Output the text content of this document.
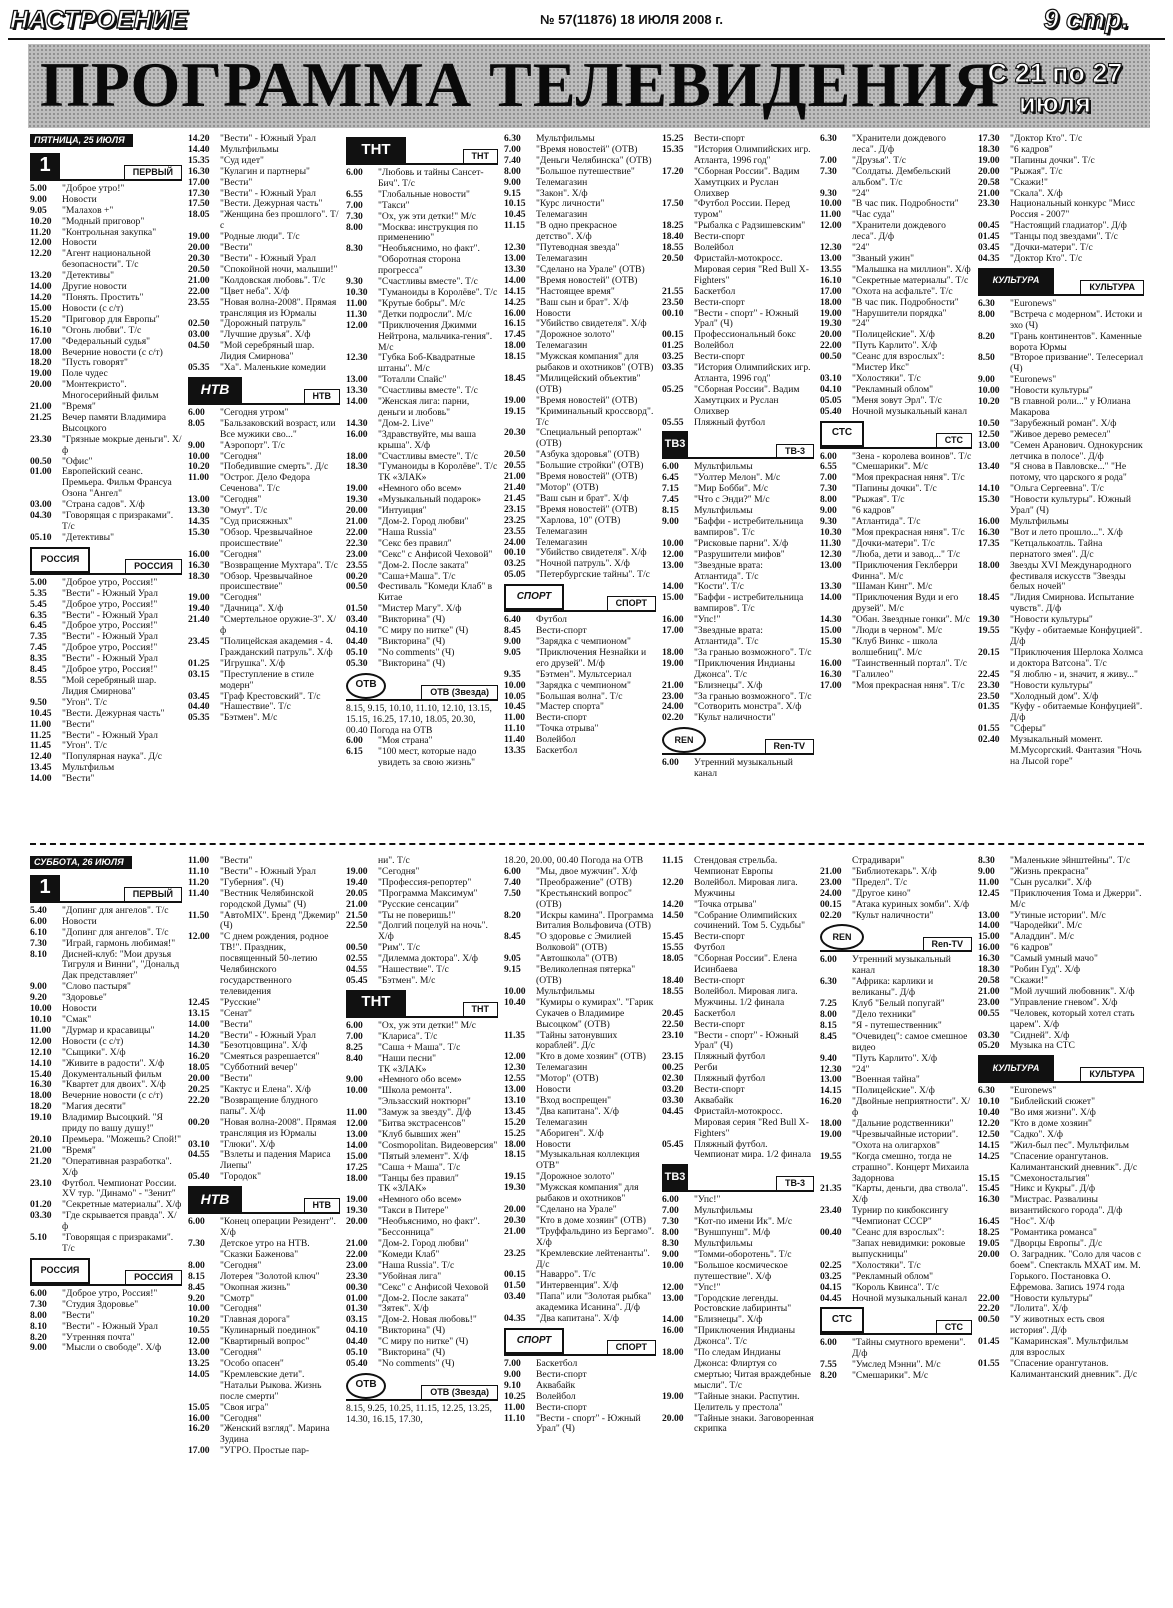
НАСТРОЕНИЕ	№ 57(11876) 18 ИЮЛЯ 2008 г.	9 стр.
ПРОГРАММА ТЕЛЕВИДЕНИЯ
С 21 по 27
июля
ПЯТНИЦА, 25 ИЮЛЯ
1	ПЕРВЫЙ
5.00	"Доброе утро!"
9.00	Новости
9.05	"Малахов +"
10.20	"Модный приговор"
11.20	"Контрольная закупка"
12.00	Новости
12.20	"Агент национальной безопасности". Т/с
13.20	"Детективы"
14.00	Другие новости
14.20	"Понять. Простить"
15.00	Новости (с с/т)
15.20	"Приговор для Европы"
16.10	"Огонь любви". Т/с
17.00	"Федеральный судья"
18.00	Вечерние новости (с с/т)
18.20	"Пусть говорят"
19.00	Поле чудес
20.00	"Монтекристо". Многосерийный фильм
21.00	"Время"
21.25	Вечер памяти Владимира Высоцкого
23.30	"Грязные мокрые деньги". Х/ф
00.50	"Офис"
01.00	Европейский сеанс. Премьера. Фильм Франсуа Озона "Ангел"
03.00	"Страна садов". Х/ф
04.30	"Говорящая с призраками". Т/с
05.10	"Детективы"
РОССИЯ
РОССИЯ
5.00	"Доброе утро, Россия!"
5.35	"Вести" - Южный Урал
5.45	"Доброе утро, Россия!"
6.35	"Вести" - Южный Урал
6.45	"Доброе утро, Россия!"
7.35	"Вести" - Южный Урал
7.45	"Доброе утро, Россия!"
8.35	"Вести" - Южный Урал
8.45	"Доброе утро, Россия!"
8.55	"Мой серебряный шар. Лидия Смирнова"
9.50	"Угон". Т/с
10.45	"Вести. Дежурная часть"
11.00	"Вести"
11.25	"Вести" - Южный Урал
11.45	"Угон". Т/с
12.40	"Популярная наука". Д/с
13.45	Мультфильм
14.00	"Вести"
14.20	"Вести" - Южный Урал
14.40	Мультфильмы
15.35	"Суд идет"
16.30	"Кулагин и партнеры"
17.00	"Вести"
17.30	"Вести" - Южный Урал
17.50	"Вести. Дежурная часть"
18.05	"Женщина без прошлого". Т/с
19.00	"Родные люди". Т/с
20.00	"Вести"
20.30	"Вести" - Южный Урал
20.50	"Спокойной ночи, малыши!"
21.00	"Колдовская любовь". Т/с
22.00	"Цвет неба". Х/ф
23.55	"Новая волна-2008". Прямая трансляция из Юрмалы
02.50	"Дорожный патруль"
03.00	"Лучшие друзья". Х/ф
04.50	"Мой серебряный шар. Лидия Смирнова"
05.35	"Ха". Маленькие комедии
НТВ	НТВ
6.00	"Сегодня утром"
8.05	"Бальзаковский возраст, или Все мужики сво..."
9.00	"Аэропорт". Т/с
10.00	"Сегодня"
10.20	"Победившие смерть". Д/с
11.00	"Острог. Дело Федора Сеченова". Т/с
13.00	"Сегодня"
13.30	"Омут". Т/с
14.35	"Суд присяжных"
15.30	"Обзор. Чрезвычайное происшествие"
16.00	"Сегодня"
16.30	"Возвращение Мухтара". Т/с
18.30	"Обзор. Чрезвычайное происшествие"
19.00	"Сегодня"
19.40	"Дачница". Х/ф
21.40	"Смертельное оружие-3". Х/ф
23.45	"Полицейская академия - 4. Гражданский патруль". Х/ф
01.25	"Игрушка". Х/ф
03.15	"Преступление в стиле модерн"
03.45	"Граф Крестовский". Т/с
04.40	"Нашествие". Т/с
05.35	"Бэтмен". М/с
ТНТ	ТНТ
6.00	"Любовь и тайны Сансет-Бич". Т/с
6.55	"Глобальные новости"
7.00	"Такси"
7.30	"Ох, уж эти детки!" М/с
8.00	"Москва: инструкция по применению"
8.30	"Необъяснимо, но факт". "Оборотная сторона прогресса"
9.30	"Счастливы вместе". Т/с
10.30	"Гуманоиды в Королёве". Т/с
11.00	"Крутые бобры". М/с
11.30	"Детки подросли". М/с
12.00	"Приключения Джимми Нейтрона, мальчика-гения". М/с
12.30	"Губка Боб-Квадратные штаны". М/с
13.00	"Тоталли Спайс"
13.30	"Счастливы вместе". Т/с
14.00	"Женская лига: парни, деньги и любовь"
14.30	"Дом-2. Live"
16.00	"Здравствуйте, мы ваша крыша". Х/ф
18.00	"Счастливы вместе". Т/с
18.30	"Гуманоиды в Королёве". Т/с
ТК «ЗЛАК»
19.00	«Немного обо всем»
19.30	«Музыкальный подарок»
20.00	"Интуиция"
21.00	"Дом-2. Город любви"
22.00	"Наша Russia"
22.30	"Секс без правил"
23.00	"Секс" с Анфисой Чеховой"
23.55	"Дом-2. После заката"
00.20	"Саша+Маша". Т/с
00.50	Фестиваль "Комеди Клаб" в Китае
01.50	"Мистер Магу". Х/ф
03.40	"Викторина" (Ч)
04.10	"С миру по нитке" (Ч)
04.40	"Викторина" (Ч)
05.10	"No comments" (Ч)
05.30	"Викторина" (Ч)
ОТВ
ОТВ (Звезда)
8.15, 9.15, 10.10, 11.10, 12.10, 13.15, 15.15, 16.25, 17.10, 18.05, 20.30, 00.40 Погода на ОТВ
6.00	"Моя страна"
6.15	"100 мест, которые надо увидеть за свою жизнь"
6.30	Мультфильмы
7.00	"Время новостей" (ОТВ)
7.40	"Деньги Челябинска" (ОТВ)
8.00	"Большое путешествие"
9.00	Телемагазин
9.15	"Закон". Х/ф
10.15	"Курс личности"
10.45	Телемагазин
11.15	"В одно прекрасное детство". Х/ф
12.30	"Путеводная звезда"
13.00	Телемагазин
13.30	"Сделано на Урале" (ОТВ)
14.00	"Время новостей" (ОТВ)
14.15	"Настоящее время"
14.25	"Ваш сын и брат". Х/ф
16.00	Новости
16.15	"Убийство свидетеля". Х/ф
17.45	"Дорожное золото"
18.00	Телемагазин
18.15	"Мужская компания" для рыбаков и охотников" (ОТВ)
18.45	"Милицейский объектив" (ОТВ)
19.00	"Время новостей" (ОТВ)
19.15	"Криминальный кроссворд". Т/с
20.30	"Специальный репортаж" (ОТВ)
20.50	"Азбука здоровья" (ОТВ)
20.55	"Большие стройки" (ОТВ)
21.00	"Время новостей" (ОТВ)
21.40	"Мотор" (ОТВ)
21.45	"Ваш сын и брат". Х/ф
23.15	"Время новостей" (ОТВ)
23.25	"Харлова, 10" (ОТВ)
23.55	Телемагазин
24.00	Телемагазин
00.10	"Убийство свидетеля". Х/ф
03.25	"Ночной патруль". Х/ф
05.05	"Петербургские тайны". Т/с
СПОРТ
СПОРТ
6.40	Футбол
8.45	Вести-спорт
9.00	"Зарядка с чемпионом"
9.05	"Приключения Незнайки и его друзей". М/ф
9.35	"Бэтмен". Мультсериал
10.00	"Зарядка с чемпионом"
10.05	"Большая волна". Т/с
10.45	"Мастер спорта"
11.00	Вести-спорт
11.10	"Точка отрыва"
11.40	Волейбол
13.35	Баскетбол
15.25	Вести-спорт
15.35	"История Олимпийских игр. Атланта, 1996 год"
17.20	"Сборная России". Вадим Хамутцких и Руслан Олихвер
17.50	"Футбол России. Перед туром"
18.25	"Рыбалка с Радзишевским"
18.40	Вести-спорт
18.55	Волейбол
20.50	Фристайл-мотокросс. Мировая серия "Red Bull X-Fighters"
21.55	Баскетбол
23.50	Вести-спорт
00.10	"Вести - спорт" - Южный Урал" (Ч)
00.15	Профессиональный бокс
01.25	Волейбол
03.25	Вести-спорт
03.35	"История Олимпийских игр. Атланта, 1996 год"
05.25	"Сборная России". Вадим Хамутцких и Руслан Олихвер
05.55	Пляжный футбол
ТВ3
ТВ-3
6.00	Мультфильмы
6.45	"Уолтер Мелон". М/с
7.15	"Мир Бобби". М/с
7.45	"Что с Энди?" М/с
8.15	Мультфильмы
9.00	"Баффи - истребительница вампиров". Т/с
10.00	"Рисковые парни". Х/ф
12.00	"Разрушители мифов"
13.00	"Звездные врата: Атлантида". Т/с
14.00	"Кости". Т/с
15.00	"Баффи - истребительница вампиров". Т/с
16.00	"Упс!"
17.00	"Звездные врата: Атлантида". Т/с
18.00	"За гранью возможного". Т/с
19.00	"Приключения Индианы Джонса". Т/с
21.00	"Близнецы". Х/ф
23.00	"За гранью возможного". Т/с
24.00	"Сотворить монстра". Х/ф
02.20	"Культ наличности"
REN
Ren-TV
6.00	Утренний музыкальный канал
6.30	"Хранители дождевого леса". Д/ф
7.00	"Друзья". Т/с
7.30	"Солдаты. Дембельский альбом". Т/с
9.30	"24"
10.00	"В час пик. Подробности"
11.00	"Час суда"
12.00	"Хранители дождевого леса". Д/ф
12.30	"24"
13.00	"Званый ужин"
13.55	"Малышка на миллион". Х/ф
16.10	"Секретные материалы". Т/с
17.00	"Охота на асфальте". Т/с
18.00	"В час пик. Подробности"
19.00	"Нарушители порядка"
19.30	"24"
20.00	"Полицейские". Х/ф
22.00	"Путь Карлито". Х/ф
00.50	"Сеанс для взрослых": "Мистер Икс"
03.10	"Холостяки". Т/с
04.10	"Рекламный облом"
05.05	"Меня зовут Эрл". Т/с
05.40	Ночной музыкальный канал
СТС
СТС
6.00	"Зена - королева воинов". Т/с
6.55	"Смешарики". М/с
7.00	"Моя прекрасная няня". Т/с
7.30	"Папины дочки". Т/с
8.00	"Рыжая". Т/с
9.00	"6 кадров"
9.30	"Атлантида". Т/с
10.30	"Моя прекрасная няня". Т/с
11.30	"Дочки-матери". Т/с
12.30	"Люба, дети и завод..." Т/с
13.00	"Приключения Геклберри Финна". М/с
13.30	"Шаман Кинг". М/с
14.00	"Приключения Вуди и его друзей". М/с
14.30	"Обан. Звездные гонки". М/с
15.00	"Люди в черном". М/с
15.30	"Клуб Винкс - школа волшебниц". М/с
16.00	"Таинственный портал". Т/с
16.30	"Галилео"
17.00	"Моя прекрасная няня". Т/с
17.30	"Доктор Кто". Т/с
18.30	"6 кадров"
19.00	"Папины дочки". Т/с
20.00	"Рыжая". Т/с
20.58	"Скажи!"
21.00	"Скала". Х/ф
23.30	Национальный конкурс "Мисс Россия - 2007"
00.45	"Настоящий гладиатор". Д/ф
01.45	"Танцы под звездами". Т/с
03.45	"Дочки-матери". Т/с
04.35	"Доктор Кто". Т/с
КУЛЬТУРА
КУЛЬТУРА
6.30	"Euronews"
8.00	"Встреча с модерном". Истоки и эхо (Ч)
8.20	"Грань континентов". Каменные ворота Юрмы
8.50	"Второе призвание". Телесериал (Ч)
9.00	"Euronews"
10.00	"Новости культуры"
10.20	"В главной роли..." у Юлиана Макарова
10.50	"Зарубежный роман". Х/ф
12.50	"Живое дерево ремесел"
13.00	"Семен Аранович. Однокурсник летчика в полосе". Д/ф
13.40	"Я снова в Павловске..." "Не потому, что царского я рода"
14.10	"Ольга Сергеевна". Т/с
15.30	"Новости культуры". Южный Урал" (Ч)
16.00	Мультфильмы
16.30	"Вот и лето прошло...". Х/ф
17.35	"Кетцалькоатль. Тайна пернатого змея". Д/с
18.00	Звезды XVI Международного фестиваля искусств "Звезды белых ночей"
18.45	"Лидия Смирнова. Испытание чувств". Д/ф
19.30	"Новости культуры"
19.55	"Куфу - обитаемые Конфуцией". Д/ф
20.15	"Приключения Шерлока Холмса и доктора Ватсона". Т/с
22.45	"Я люблю - и, значит, я живу..."
23.30	"Новости культуры"
23.50	"Холодный дом". Х/ф
01.35	"Куфу - обитаемые Конфуцией". Д/ф
01.55	"Сферы"
02.40	Музыкальный момент. М.Мусоргский. Фантазия "Ночь на Лысой горе"
СУББОТА, 26 ИЮЛЯ
1	ПЕРВЫЙ
5.40	"Допинг для ангелов". Т/с
6.00	Новости
6.10	"Допинг для ангелов". Т/с
7.30	"Играй, гармонь любимая!"
8.10	Дисней-клуб: "Мои друзья Тигруля и Винни", "Дональд Дак представляет"
9.00	"Слово пастыря"
9.20	"Здоровье"
10.00	Новости
10.10	"Смак"
11.00	"Дурмар и красавицы"
12.00	Новости (с с/т)
12.10	"Сыщики". Х/ф
14.10	"Живите в радости". Х/ф
15.40	Документальный фильм
16.30	"Квартет для двоих". Х/ф
18.00	Вечерние новости (с с/т)
18.20	"Магия десяти"
19.10	Владимир Высоцкий. "Я приду по вашу душу!"
20.10	Премьера. "Можешь? Спой!"
21.00	"Время"
21.20	"Оперативная разработка". Х/ф
23.10	Футбол. Чемпионат России. XV тур. "Динамо" - "Зенит"
01.20	"Секретные материалы". Х/ф
03.30	"Где скрывается правда". Х/ф
5.10	"Говорящая с призраками". Т/с
РОССИЯ
РОССИЯ
6.00	"Доброе утро, Россия!"
7.30	"Студия Здоровье"
8.00	"Вести"
8.10	"Вести" - Южный Урал
8.20	"Утренняя почта"
9.00	"Мысли о свободе". Х/ф
11.00	"Вести"
11.10	"Вести" - Южный Урал
11.20	"Губерния". (Ч)
11.40	"Вестник Челябинской городской Думы" (Ч)
11.50	"АвтоMIX". Бренд "Джемир" (Ч)
12.00	"С днем рождения, родное ТВ!". Праздник, посвященный 50-летию Челябинского государственного телевидения
12.45	"Русские"
13.15	"Сенат"
14.00	"Вести"
14.20	"Вести" - Южный Урал
14.30	"Безотцовщина". Х/ф
16.20	"Смеяться разрешается"
18.05	"Субботний вечер"
20.00	"Вести"
20.25	"Кактус и Елена". Х/ф
22.20	"Возвращение блудного папы". Х/ф
00.20	"Новая волна-2008". Прямая трансляция из Юрмалы
03.10	"Глюки". Х/ф
04.55	"Взлеты и падения Мариса Лиепы"
05.40	"Городок"
НТВ	НТВ
6.00	"Конец операции Резидент". Х/ф
7.30	Детское утро на НТВ. "Сказки Баженова"
8.00	"Сегодня"
8.15	Лотерея "Золотой ключ"
8.45	"Окопная жизнь"
9.20	"Смотр"
10.00	"Сегодня"
10.20	"Главная дорога"
10.55	"Кулинарный поединок"
12.00	"Квартирный вопрос"
13.00	"Сегодня"
13.25	"Особо опасен"
14.05	"Кремлевские дети". "Натальи Рыкова. Жизнь после смерти"
15.05	"Своя игра"
16.00	"Сегодня"
16.20	"Женский взгляд". Марина Зудина
17.00	"УГРО. Простые пар-
ни". Т/с
19.00	"Сегодня"
19.40	"Профессия-репортер"
20.05	"Программа Максимум"
21.00	"Русские сенсации"
21.50	"Ты не поверишь!"
22.50	"Долгий поцелуй на ночь". Х/ф
00.50	"Рим". Т/с
02.55	"Дилемма доктора". Х/ф
04.55	"Нашествие". Т/с
05.45	"Бэтмен". М/с
ТНТ	ТНТ
6.00	"Ох, уж эти детки!" М/с
7.00	"Клариса". Т/с
8.25	"Саша + Маша". Т/с
8.40	"Наши песни"
ТК «ЗЛАК»
9.00	«Немного обо всем»
10.00	"Школа ремонта". "Эльзасский ноктюрн"
11.00	"Замуж за звезду". Д/ф
12.00	"Битва экстрасенсов"
13.00	"Клуб бывших жен"
14.00	"Cosmopolitan. Видеоверсия"
15.00	"Пятый элемент". Х/ф
17.25	"Саша + Маша". Т/с
18.00	"Танцы без правил"
ТК «ЗЛАК»
19.00	«Немного обо всем»
19.30	"Такси в Питере"
20.00	"Необъяснимо, но факт". "Бессонница"
21.00	"Дом-2. Город любви"
22.00	"Комеди Клаб"
23.00	"Наша Russia". Т/с
23.30	"Убойная лига"
00.30	"Секс" с Анфисой Чеховой
01.00	"Дом-2. После заката"
01.30	"Зятек". Х/ф
03.15	"Дом-2. Новая любовь!"
04.10	"Викторина" (Ч)
04.40	"С миру по нитке" (Ч)
05.10	"Викторина" (Ч)
05.40	"No comments" (Ч)
ОТВ
ОТВ (Звезда)
8.15, 9.25, 10.25, 11.15, 12.25, 13.25, 14.30, 16.15, 17.30,
18.20, 20.00, 00.40 Погода на ОТВ
6.00	"Мы, двое мужчин". Х/ф
7.40	"Преображение" (ОТВ)
7.50	"Крестьянский вопрос" (ОТВ)
8.20	"Искры камина". Программа Виталия Вольфовича (ОТВ)
8.45	"О здоровье с Эмилией Волковой" (ОТВ)
9.05	"Автошкола" (ОТВ)
9.15	"Великолепная пятерка" (ОТВ)
10.00	Мультфильмы
10.40	"Кумиры о кумирах". "Гарик Сукачев о Владимире Высоцком" (ОТВ)
11.35	"Тайны затонувших кораблей". Д/с
12.00	"Кто в доме хозяин" (ОТВ)
12.30	Телемагазин
12.55	"Мотор" (ОТВ)
13.00	Новости
13.10	"Вход воспрещен"
13.45	"Два капитана". Х/ф
15.20	Телемагазин
15.25	"Абориген". Х/ф
18.00	Новости
18.15	"Музыкальная коллекция ОТВ"
19.15	"Дорожное золото"
19.30	"Мужская компания" для рыбаков и охотников"
20.00	"Сделано на Урале"
20.30	"Кто в доме хозяин" (ОТВ)
21.00	"Труффальдино из Бергамо". Х/ф
23.25	"Кремлевские лейтенанты". Д/с
00.15	"Наварро". Т/с
01.50	"Интервенция". Х/ф
03.40	"Папа" или "Золотая рыбка" академика Исанина". Д/ф
04.35	"Два капитана". Х/ф
СПОРТ
СПОРТ
7.00	Баскетбол
9.00	Вести-спорт
9.10	Аквабайк
10.25	Волейбол
11.00	Вести-спорт
11.10	"Вести - спорт" - Южный Урал" (Ч)
11.15	Стендовая стрельба. Чемпионат Европы
12.20	Волейбол. Мировая лига. Мужчины
14.20	"Точка отрыва"
14.50	"Собрание Олимпийских сочинений. Том 5. Судьбы"
15.45	Вести-спорт
15.55	Футбол
18.05	"Сборная России". Елена Исинбаева
18.40	Вести-спорт
18.55	Волейбол. Мировая лига. Мужчины. 1/2 финала
20.45	Баскетбол
22.50	Вести-спорт
23.10	"Вести - спорт" - Южный Урал" (Ч)
23.15	Пляжный футбол
00.25	Регби
02.30	Пляжный футбол
03.20	Вести-спорт
03.30	Аквабайк
04.45	Фристайл-мотокросс. Мировая серия "Red Bull X-Fighters"
05.45	Пляжный футбол. Чемпионат мира. 1/2 финала
ТВ3
ТВ-3
6.00	"Упс!"
7.00	Мультфильмы
7.30	"Кот-по имени Ик". М/с
8.00	"Вуншпунш". М/ф
8.30	Мультфильмы
9.00	"Томми-оборотень". Т/с
10.00	"Большое космическое путешествие". Х/ф
12.00	"Упс!"
13.00	"Городские легенды. Ростовские лабиринты"
14.00	"Близнецы". Х/ф
16.00	"Приключения Индианы Джонса". Т/с
18.00	"По следам Индианы Джонса: Флиртуя со смертью; Читая враждебные мысли". Т/с
19.00	"Тайные знаки. Распутин. Целитель у престола"
20.00	"Тайные знаки. Заговоренная скрипка
Страдивари"
21.00	"Библиотекарь". Х/ф
23.00	"Предел". Т/с
24.00	"Другое кино"
00.15	"Атака куриных зомби". Х/ф
02.20	"Культ наличности"
REN
Ren-TV
6.00	Утренний музыкальный канал
6.30	"Африка: карлики и великаны". Д/ф
7.25	Клуб "Белый попугай"
8.00	"Дело техники"
8.15	"Я - путешественник"
8.45	"Очевидец": самое смешное видео
9.40	"Путь Карлито". Х/ф
12.30	"24"
13.00	"Военная тайна"
14.15	"Полицейские". Х/ф
16.20	"Двойные неприятности". Х/ф
18.00	"Дальние родственники"
19.00	"Чрезвычайные истории". "Охота на олигархов"
19.55	"Когда смешно, тогда не страшно". Концерт Михаила Задорнова
21.35	"Карты, деньги, два ствола". Х/ф
23.40	Турнир по кикбоксингу "Чемпионат СССР"
00.40	"Сеанс для взрослых": "Запах невидимки: роковые выпускницы"
02.25	"Холостяки". Т/с
03.25	"Рекламный облом"
04.15	"Король Квинса". Т/с
04.45	Ночной музыкальный канал
СТС
СТС
6.00	"Тайны смутного времени". Д/ф
7.55	"Умслед Мэнни". М/с
8.20	"Смешарики". М/с
8.30	"Маленькие эйнштейны". Т/с
9.00	"Жизнь прекрасна"
11.00	"Сын русалки". Х/ф
12.45	"Приключения Тома и Джерри". М/с
13.00	"Утиные истории". М/с
14.00	"Чародейки". М/с
15.00	"Аладдин". М/с
16.00	"6 кадров"
16.30	"Самый умный мачо"
18.30	"Робин Гуд". Х/ф
20.58	"Скажи!"
21.00	"Мой лучший любовник". Х/ф
23.00	"Управление гневом". Х/ф
00.55	"Человек, который хотел стать царем". Х/ф
03.30	"Сидней". Х/ф
05.20	Музыка на СТС
КУЛЬТУРА
КУЛЬТУРА
6.30	"Euronews"
10.10	"Библейский сюжет"
10.40	"Во имя жизни". Х/ф
12.20	"Кто в доме хозяин"
12.50	"Садко". Х/ф
14.15	"Жил-был пес". Мультфильм
14.25	"Спасение орангутанов. Калимантанский дневник". Д/с
15.15	"Смехоностальгия"
15.45	"Никс и Кукры". Д/ф
16.30	"Мистрас. Развалины византийского города". Д/ф
16.45	"Нос". Х/ф
18.25	"Романтика романса"
19.05	"Дворцы Европы". Д/с
20.00	О. Заградник. "Соло для часов с боем". Спектакль МХАТ им. М. Горького. Постановка О. Ефремова. Запись 1974 года
22.00	"Новости культуры"
22.20	"Лолита". Х/ф
00.50	"У животных есть своя история". Д/ф
01.45	"Камаринская". Мультфильм для взрослых
01.55	"Спасение орангутанов. Калимантанский дневник". Д/с
